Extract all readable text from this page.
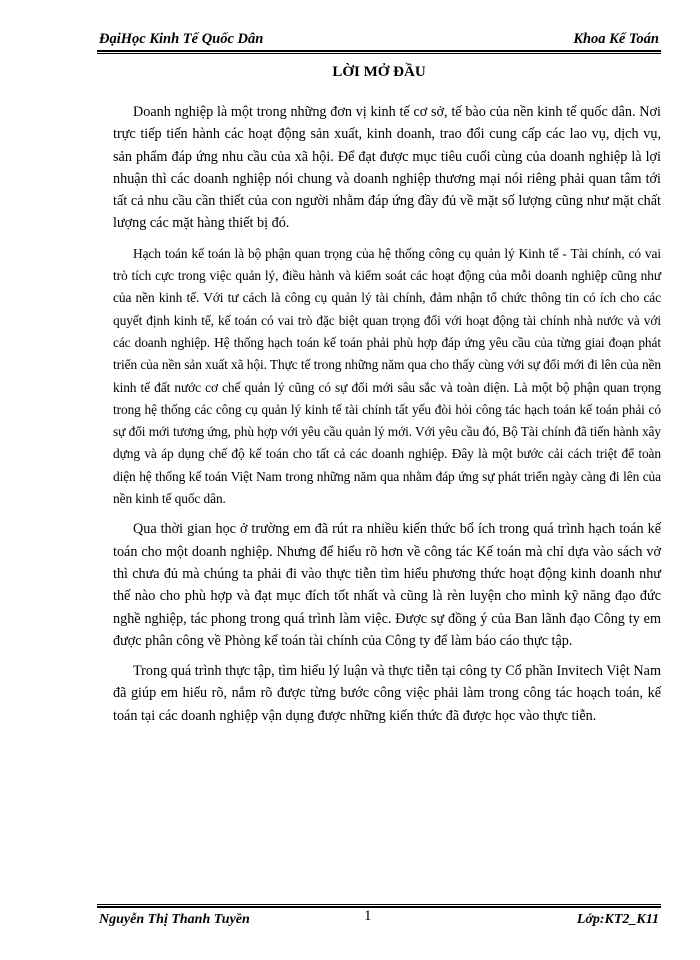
ĐạiHọc Kinh Tế Quốc Dân	Khoa Kế Toán
LỜI MỞ ĐẦU

Doanh nghiệp là một trong những đơn vị kinh tế cơ sở, tế bào của nền kinh tế quốc dân. Nơi trực tiếp tiến hành các hoạt động sản xuất, kinh doanh, trao đổi cung cấp các lao vụ, dịch vụ, sản phẩm đáp ứng nhu cầu của xã hội. Để đạt được mục tiêu cuối cùng của doanh nghiệp là lợi nhuận thì các doanh nghiệp nói chung và doanh nghiệp thương mại nói riêng phải quan tâm tới tất cả nhu cầu cần thiết của con người nhằm đáp ứng đầy đủ về mặt số lượng cũng như mặt chất lượng các mặt hàng thiết bị đó.

Hạch toán kế toán là bộ phận quan trọng của hệ thống công cụ quản lý Kinh tế - Tài chính, có vai trò tích cực trong việc quản lý, điều hành và kiểm soát các hoạt động của mỗi doanh nghiệp cũng như của nền kinh tế. Với tư cách là công cụ quản lý tài chính, đảm nhận tổ chức thông tin có ích cho các quyết định kinh tế, kế toán có vai trò đặc biệt quan trọng đối với hoạt động tài chính nhà nước và với các doanh nghiệp. Hệ thống hạch toán kế toán phải phù hợp đáp ứng yêu cầu của từng giai đoạn phát triển của nền sản xuất xã hội. Thực tế trong những năm qua cho thấy cùng với sự đổi mới đi lên của nền kinh tế đất nước cơ chế quản lý cũng có sự đổi mới sâu sắc và toàn diện. Là một bộ phận quan trọng trong hệ thống các công cụ quản lý kinh tế tài chính tất yếu đòi hỏi công tác hạch toán kế toán phải có sự đổi mới tương ứng, phù hợp với yêu cầu quản lý mới. Với yêu cầu đó, Bộ Tài chính đã tiến hành xây dựng và áp dụng chế độ kế toán cho tất cả các doanh nghiệp. Đây là một bước cải cách triệt để toàn diện hệ thống kế toán Việt Nam trong những năm qua nhằm đáp ứng sự phát triển ngày càng đi lên của nền kinh tế quốc dân.

Qua thời gian học ở trường em đã rút ra nhiều kiến thức bổ ích trong quá trình hạch toán kế toán cho một doanh nghiệp. Nhưng để hiểu rõ hơn về công tác Kế toán mà chỉ dựa vào sách vở thì chưa đủ mà chúng ta phải đi vào thực tiễn tìm hiểu phương thức hoạt động kinh doanh như thế nào cho phù hợp và đạt mục đích tốt nhất và cũng là rèn luyện cho mình kỹ năng đạo đức nghề nghiệp, tác phong trong quá trình làm việc. Được sự đồng ý của Ban lãnh đạo Công ty em được phân công về Phòng kế toán tài chính của Công ty để làm báo cáo thực tập.

Trong quá trình thực tập, tìm hiểu lý luận và thực tiễn tại công ty Cổ phần Invitech Việt Nam đã giúp em hiểu rõ, nắm rõ được từng bước công việc phải làm trong công tác hoạch toán, kế toán tại các doanh nghiệp vận dụng được những kiến thức đã được học vào thực tiễn.

Nguyễn Thị Thanh Tuyền	1	Lớp:KT2_K11
